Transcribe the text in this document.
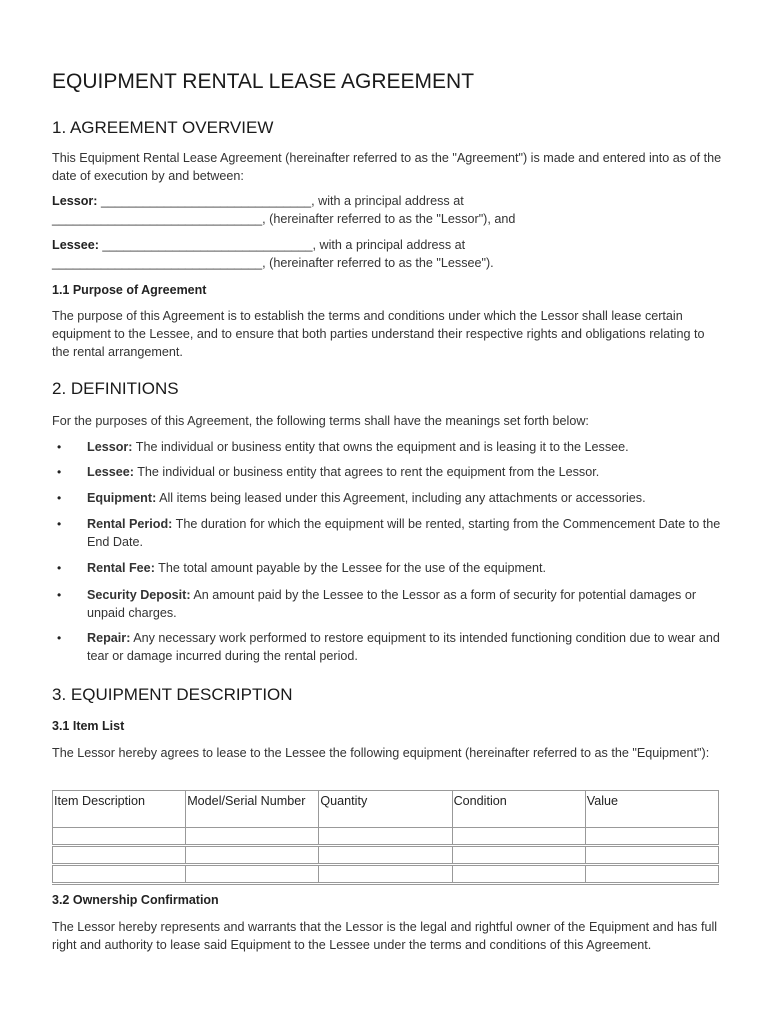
EQUIPMENT RENTAL LEASE AGREEMENT
1. AGREEMENT OVERVIEW

This Equipment Rental Lease Agreement (hereinafter referred to as the "Agreement") is made and entered into as of the date of execution by and between:

Lessor: ______________________________, with a principal address at ______________________________, (hereinafter referred to as the "Lessor"), and

Lessee: ______________________________, with a principal address at ______________________________, (hereinafter referred to as the "Lessee").

1.1 Purpose of Agreement

The purpose of this Agreement is to establish the terms and conditions under which the Lessor shall lease certain equipment to the Lessee, and to ensure that both parties understand their respective rights and obligations relating to the rental arrangement.

2. DEFINITIONS

For the purposes of this Agreement, the following terms shall have the meanings set forth below:

• Lessor: The individual or business entity that owns the equipment and is leasing it to the Lessee.
• Lessee: The individual or business entity that agrees to rent the equipment from the Lessor.
• Equipment: All items being leased under this Agreement, including any attachments or accessories.
• Rental Period: The duration for which the equipment will be rented, starting from the Commencement Date to the End Date.
• Rental Fee: The total amount payable by the Lessee for the use of the equipment.
• Security Deposit: An amount paid by the Lessee to the Lessor as a form of security for potential damages or unpaid charges.
• Repair: Any necessary work performed to restore equipment to its intended functioning condition due to wear and tear or damage incurred during the rental period.
3. EQUIPMENT DESCRIPTION
3.1 Item List

The Lessor hereby agrees to lease to the Lessee the following equipment (hereinafter referred to as the "Equipment"):

Item Description	Model/Serial Number	Quantity	Condition	Value

3.2 Ownership Confirmation

The Lessor hereby represents and warrants that the Lessor is the legal and rightful owner of the Equipment and has full right and authority to lease said Equipment to the Lessee under the terms and conditions of this Agreement.
